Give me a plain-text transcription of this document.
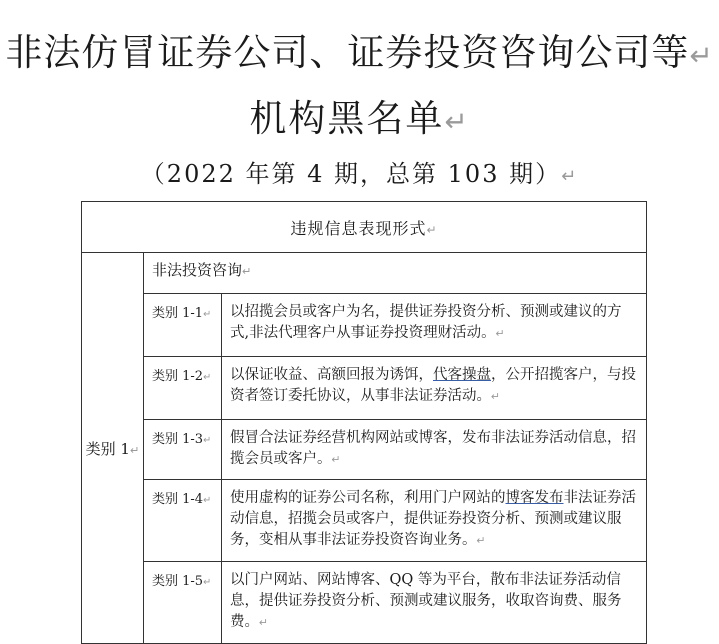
非法仿冒证券公司、证券投资咨询公司等↵
机构黑名单↵
（2022 年第 4 期，总第 103 期）↵
违规信息表现形式↵		
类别 1↵	非法投资咨询↵	
	类别 1-1↵	以招揽会员或客户为名，提供证券投资分析、预测或建议的方式,非法代理客户从事证券投资理财活动。↵
	类别 1-2↵	以保证收益、高额回报为诱饵，代客操盘，公开招揽客户，与投资者签订委托协议，从事非法证券活动。↵
	类别 1-3↵	假冒合法证券经营机构网站或博客，发布非法证券活动信息，招揽会员或客户。↵
	类别 1-4↵	使用虚构的证券公司名称，利用门户网站的博客发布非法证券活动信息，招揽会员或客户，提供证券投资分析、预测或建议服务，变相从事非法证券投资咨询业务。↵
	类别 1-5↵	以门户网站、网站博客、QQ 等为平台，散布非法证券活动信息，提供证券投资分析、预测或建议服务，收取咨询费、服务费。↵
